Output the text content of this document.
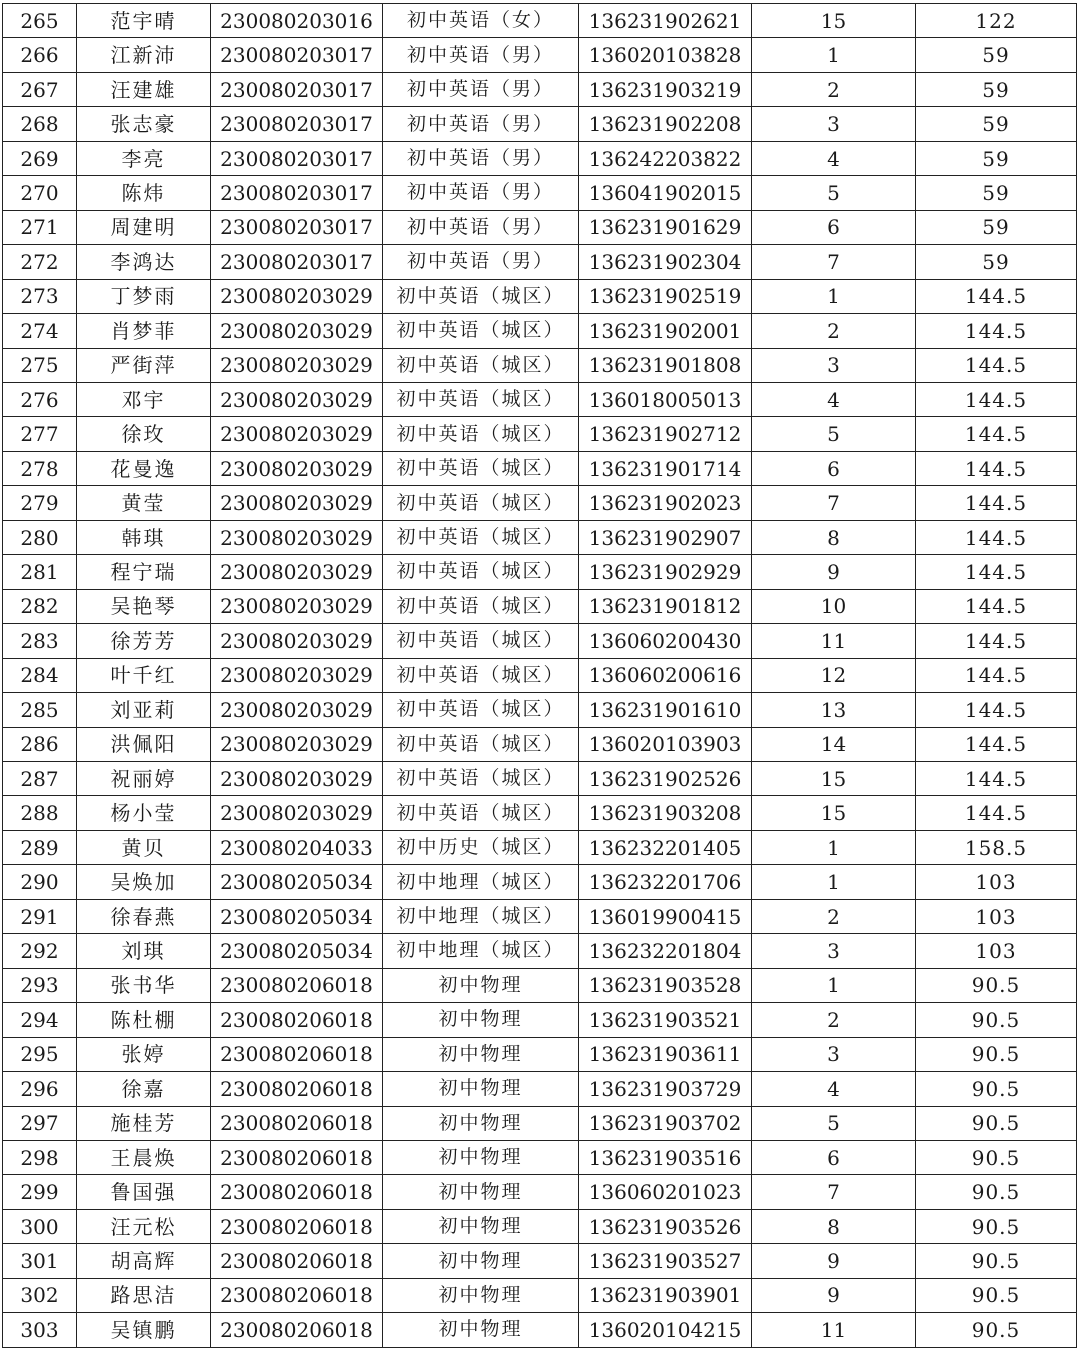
265	范宇晴	230080203016	初中英语（女）	136231902621	15	122
266	江新沛	230080203017	初中英语（男）	136020103828	1	59
267	汪建雄	230080203017	初中英语（男）	136231903219	2	59
268	张志豪	230080203017	初中英语（男）	136231902208	3	59
269	李亮	230080203017	初中英语（男）	136242203822	4	59
270	陈炜	230080203017	初中英语（男）	136041902015	5	59
271	周建明	230080203017	初中英语（男）	136231901629	6	59
272	李鸿达	230080203017	初中英语（男）	136231902304	7	59
273	丁梦雨	230080203029	初中英语（城区）	136231902519	1	144.5
274	肖梦菲	230080203029	初中英语（城区）	136231902001	2	144.5
275	严街萍	230080203029	初中英语（城区）	136231901808	3	144.5
276	邓宇	230080203029	初中英语（城区）	136018005013	4	144.5
277	徐玫	230080203029	初中英语（城区）	136231902712	5	144.5
278	花曼逸	230080203029	初中英语（城区）	136231901714	6	144.5
279	黄莹	230080203029	初中英语（城区）	136231902023	7	144.5
280	韩琪	230080203029	初中英语（城区）	136231902907	8	144.5
281	程宁瑞	230080203029	初中英语（城区）	136231902929	9	144.5
282	吴艳琴	230080203029	初中英语（城区）	136231901812	10	144.5
283	徐芳芳	230080203029	初中英语（城区）	136060200430	11	144.5
284	叶千红	230080203029	初中英语（城区）	136060200616	12	144.5
285	刘亚莉	230080203029	初中英语（城区）	136231901610	13	144.5
286	洪佩阳	230080203029	初中英语（城区）	136020103903	14	144.5
287	祝丽婷	230080203029	初中英语（城区）	136231902526	15	144.5
288	杨小莹	230080203029	初中英语（城区）	136231903208	15	144.5
289	黄贝	230080204033	初中历史（城区）	136232201405	1	158.5
290	吴焕加	230080205034	初中地理（城区）	136232201706	1	103
291	徐春燕	230080205034	初中地理（城区）	136019900415	2	103
292	刘琪	230080205034	初中地理（城区）	136232201804	3	103
293	张书华	230080206018	初中物理	136231903528	1	90.5
294	陈杜棚	230080206018	初中物理	136231903521	2	90.5
295	张婷	230080206018	初中物理	136231903611	3	90.5
296	徐嘉	230080206018	初中物理	136231903729	4	90.5
297	施桂芳	230080206018	初中物理	136231903702	5	90.5
298	王晨焕	230080206018	初中物理	136231903516	6	90.5
299	鲁国强	230080206018	初中物理	136060201023	7	90.5
300	汪元松	230080206018	初中物理	136231903526	8	90.5
301	胡高辉	230080206018	初中物理	136231903527	9	90.5
302	路思洁	230080206018	初中物理	136231903901	9	90.5
303	吴镇鹏	230080206018	初中物理	136020104215	11	90.5
